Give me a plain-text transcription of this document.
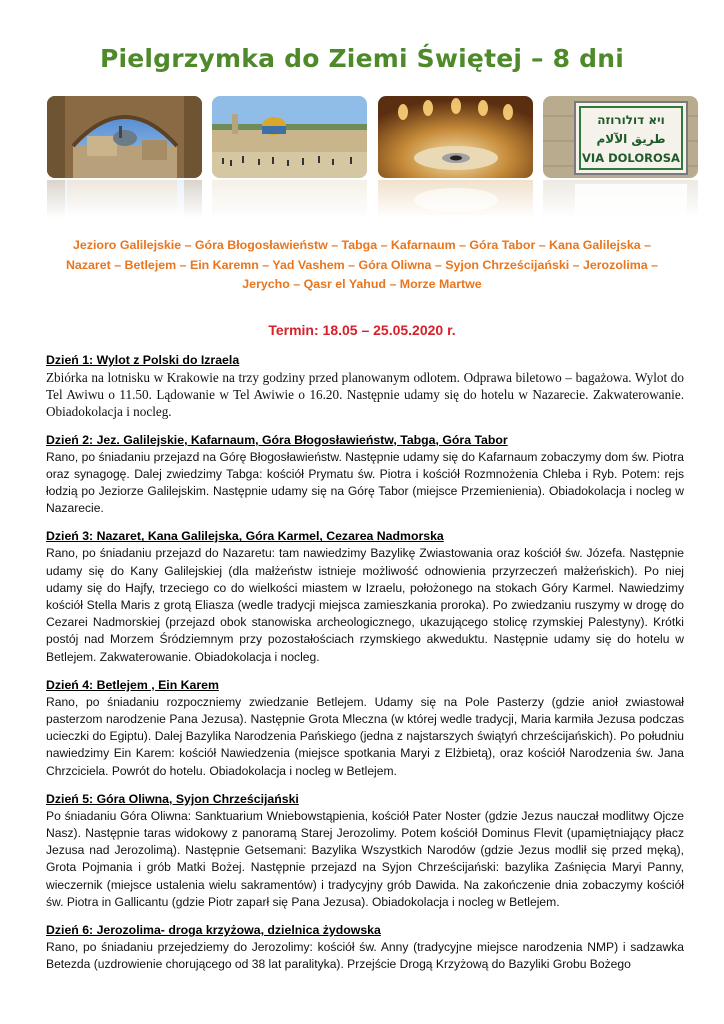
Pielgrzymka do Ziemi Świętej – 8 dni
ויא דולורוזה
طريق الآلام
VIA DOLOROSA
Jezioro Galilejskie – Góra Błogosławieństw – Tabga – Kafarnaum – Góra Tabor – Kana Galilejska – Nazaret – Betlejem – Ein Karemn – Yad Vashem – Góra Oliwna – Syjon Chrześcijański – Jerozolima – Jerycho – Qasr el Yahud – Morze Martwe
Termin: 18.05 – 25.05.2020 r.
Dzień 1: Wylot z Polski do Izraela

Zbiórka na lotnisku w Krakowie na trzy godziny przed planowanym odlotem. Odprawa biletowo – bagażowa. Wylot do Tel Awiwu o 11.50. Lądowanie w Tel Awiwie o 16.20. Następnie udamy się do hotelu w Nazarecie. Zakwaterowanie. Obiadokolacja i nocleg.

Dzień 2: Jez. Galilejskie, Kafarnaum, Góra Błogosławieństw, Tabga, Góra Tabor

Rano, po śniadaniu przejazd na Górę Błogosławieństw. Następnie udamy się do Kafarnaum zobaczymy dom św. Piotra oraz synagogę. Dalej zwiedzimy Tabga: kościół Prymatu św. Piotra i kościół Rozmnożenia Chleba i Ryb. Potem: rejs łodzią po Jeziorze Galilejskim. Następnie udamy się na Górę Tabor (miejsce Przemienienia). Obiadokolacja i nocleg w Nazarecie.

Dzień 3: Nazaret, Kana Galilejska, Góra Karmel, Cezarea Nadmorska

Rano, po śniadaniu przejazd do Nazaretu: tam nawiedzimy Bazylikę Zwiastowania oraz kościół św. Józefa. Następnie udamy się do Kany Galilejskiej (dla małżeństw istnieje możliwość odnowienia przyrzeczeń małżeńskich). Po niej udamy się do Hajfy, trzeciego co do wielkości miastem w Izraelu, położonego na stokach Góry Karmel. Nawiedzimy kościół Stella Maris z grotą Eliasza (wedle tradycji miejsca zamieszkania proroka). Po zwiedzaniu ruszymy w drogę do Cezarei Nadmorskiej (przejazd obok stanowiska archeologicznego, ukazującego stolicę rzymskiej Palestyny). Krótki postój nad Morzem Śródziemnym przy pozostałościach rzymskiego akweduktu. Następnie udamy się do hotelu w Betlejem. Zakwaterowanie. Obiadokolacja i nocleg.

Dzień 4: Betlejem , Ein Karem

Rano, po śniadaniu rozpoczniemy zwiedzanie Betlejem. Udamy się na Pole Pasterzy (gdzie anioł zwiastował pasterzom narodzenie Pana Jezusa). Następnie Grota Mleczna (w której wedle tradycji, Maria karmiła Jezusa podczas ucieczki do Egiptu). Dalej Bazylika Narodzenia Pańskiego (jedna z najstarszych świątyń chrześcijańskich). Po południu nawiedzimy Ein Karem: kościół Nawiedzenia (miejsce spotkania Maryi z Elżbietą), oraz kościół Narodzenia św. Jana Chrzciciela. Powrót do hotelu. Obiadokolacja i nocleg w Betlejem.

Dzień 5: Góra Oliwna, Syjon Chrześcijański

Po śniadaniu Góra Oliwna: Sanktuarium Wniebowstąpienia, kościół Pater Noster (gdzie Jezus nauczał modlitwy Ojcze Nasz). Następnie taras widokowy z panoramą Starej Jerozolimy. Potem kościół Dominus Flevit (upamiętniający płacz Jezusa nad Jerozolimą). Następnie Getsemani: Bazylika Wszystkich Narodów (gdzie Jezus modlił się przed męką), Grota Pojmania i grób Matki Bożej. Następnie przejazd na Syjon Chrześcijański: bazylika Zaśnięcia Maryi Panny, wieczernik (miejsce ustalenia wielu sakramentów) i tradycyjny grób Dawida. Na zakończenie dnia zobaczymy kościół św. Piotra in Gallicantu (gdzie Piotr zaparł się Pana Jezusa). Obiadokolacja i nocleg w Betlejem.

Dzień 6: Jerozolima- droga krzyżowa, dzielnica żydowska

Rano, po śniadaniu przejedziemy do Jerozolimy: kościół św. Anny (tradycyjne miejsce narodzenia NMP) i sadzawka Betezda (uzdrowienie chorującego od 38 lat paralityka). Przejście Drogą Krzyżową do Bazyliki Grobu Bożego
